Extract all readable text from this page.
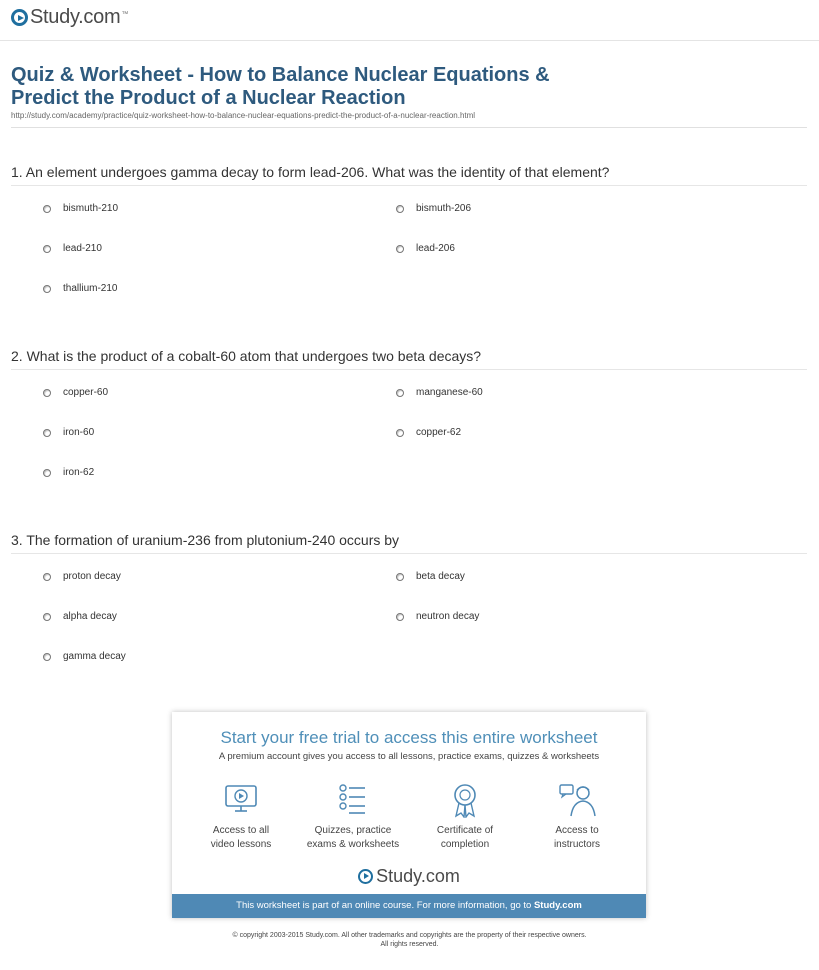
Study.com ™
Quiz & Worksheet - How to Balance Nuclear Equations &
Predict the Product of a Nuclear Reaction
http://study.com/academy/practice/quiz-worksheet-how-to-balance-nuclear-equations-predict-the-product-of-a-nuclear-reaction.html
1. An element undergoes gamma decay to form lead-206. What was the identity of that element?
bismuth-210	bismuth-206
lead-210	lead-206
thallium-210
2. What is the product of a cobalt-60 atom that undergoes two beta decays?
copper-60	manganese-60
iron-60	copper-62
iron-62
3. The formation of uranium-236 from plutonium-240 occurs by
proton decay	beta decay
alpha decay	neutron decay
gamma decay
Start your free trial to access this entire worksheet
A premium account gives you access to all lessons, practice exams, quizzes & worksheets
Access to all
video lessons
Quizzes, practice
exams & worksheets
Certificate of
completion
Access to
instructors
Study.com
This worksheet is part of an online course. For more information, go to Study.com
© copyright 2003-2015 Study.com. All other trademarks and copyrights are the property of their respective owners.
All rights reserved.
